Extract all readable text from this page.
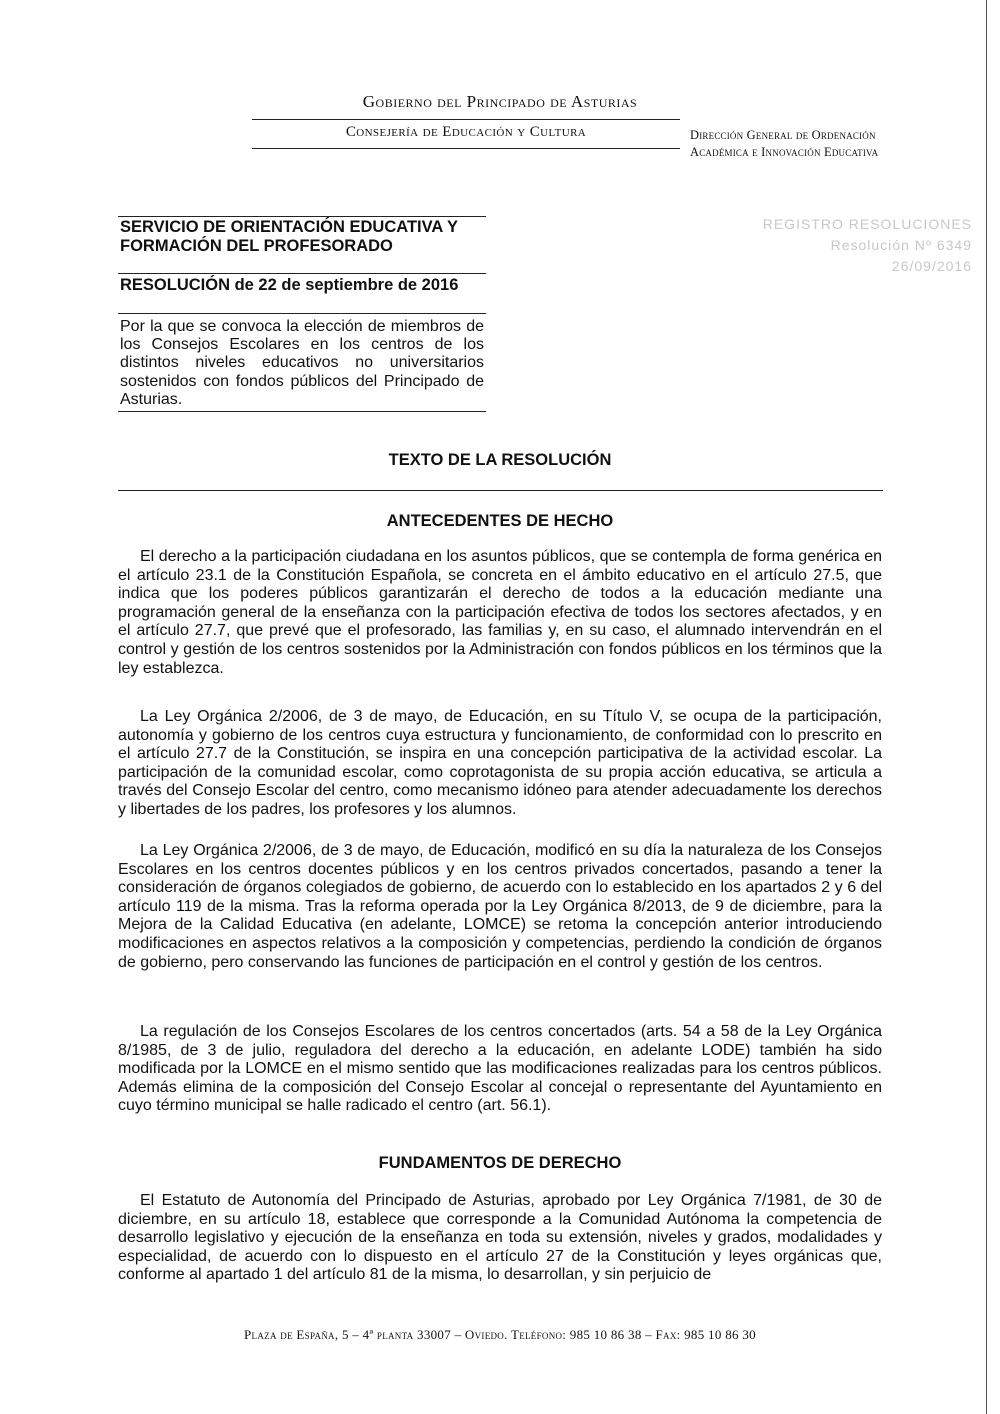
Gobierno del Principado de Asturias
Consejería de Educación y Cultura	Dirección General de Ordenación
Académica e Innovación Educativa
SERVICIO DE ORIENTACIÓN EDUCATIVA Y
FORMACIÓN DEL PROFESORADO
RESOLUCIÓN de 22 de septiembre de 2016
Por la que se convoca la elección de miembros de los Consejos Escolares en los centros de los distintos niveles educativos no universitarios sostenidos con fondos públicos del Principado de Asturias.
REGISTRO RESOLUCIONES
Resolución Nº 6349
26/09/2016
TEXTO DE LA RESOLUCIÓN
ANTECEDENTES DE HECHO
El derecho a la participación ciudadana en los asuntos públicos, que se contempla de forma genérica en el artículo 23.1 de la Constitución Española, se concreta en el ámbito educativo en el artículo 27.5, que indica que los poderes públicos garantizarán el derecho de todos a la educación mediante una programación general de la enseñanza con la participación efectiva de todos los sectores afectados, y en el artículo 27.7, que prevé que el profesorado, las familias y, en su caso, el alumnado intervendrán en el control y gestión de los centros sostenidos por la Administración con fondos públicos en los términos que la ley establezca.
La Ley Orgánica 2/2006, de 3 de mayo, de Educación, en su Título V, se ocupa de la participación, autonomía y gobierno de los centros cuya estructura y funcionamiento, de conformidad con lo prescrito en el artículo 27.7 de la Constitución, se inspira en una concepción participativa de la actividad escolar. La participación de la comunidad escolar, como coprotagonista de su propia acción educativa, se articula a través del Consejo Escolar del centro, como mecanismo idóneo para atender adecuadamente los derechos y libertades de los padres, los profesores y los alumnos.
La Ley Orgánica 2/2006, de 3 de mayo, de Educación, modificó en su día la naturaleza de los Consejos Escolares en los centros docentes públicos y en los centros privados concertados, pasando a tener la consideración de órganos colegiados de gobierno, de acuerdo con lo establecido en los apartados 2 y 6 del artículo 119 de la misma. Tras la reforma operada por la Ley Orgánica 8/2013, de 9 de diciembre, para la Mejora de la Calidad Educativa (en adelante, LOMCE) se retoma la concepción anterior introduciendo modificaciones en aspectos relativos a la composición y competencias, perdiendo la condición de órganos de gobierno, pero conservando las funciones de participación en el control y gestión de los centros.
La regulación de los Consejos Escolares de los centros concertados (arts. 54 a 58 de la Ley Orgánica 8/1985, de 3 de julio, reguladora del derecho a la educación, en adelante LODE) también ha sido modificada por la LOMCE en el mismo sentido que las modificaciones realizadas para los centros públicos. Además elimina de la composición del Consejo Escolar al concejal o representante del Ayuntamiento en cuyo término municipal se halle radicado el centro (art. 56.1).
FUNDAMENTOS DE DERECHO
El Estatuto de Autonomía del Principado de Asturias, aprobado por Ley Orgánica 7/1981, de 30 de diciembre, en su artículo 18, establece que corresponde a la Comunidad Autónoma la competencia de desarrollo legislativo y ejecución de la enseñanza en toda su extensión, niveles y grados, modalidades y especialidad, de acuerdo con lo dispuesto en el artículo 27 de la Constitución y leyes orgánicas que, conforme al apartado 1 del artículo 81 de la misma, lo desarrollan, y sin perjuicio de
Plaza de España, 5 – 4ª planta 33007 – Oviedo. Teléfono: 985 10 86 38 – Fax: 985 10 86 30
